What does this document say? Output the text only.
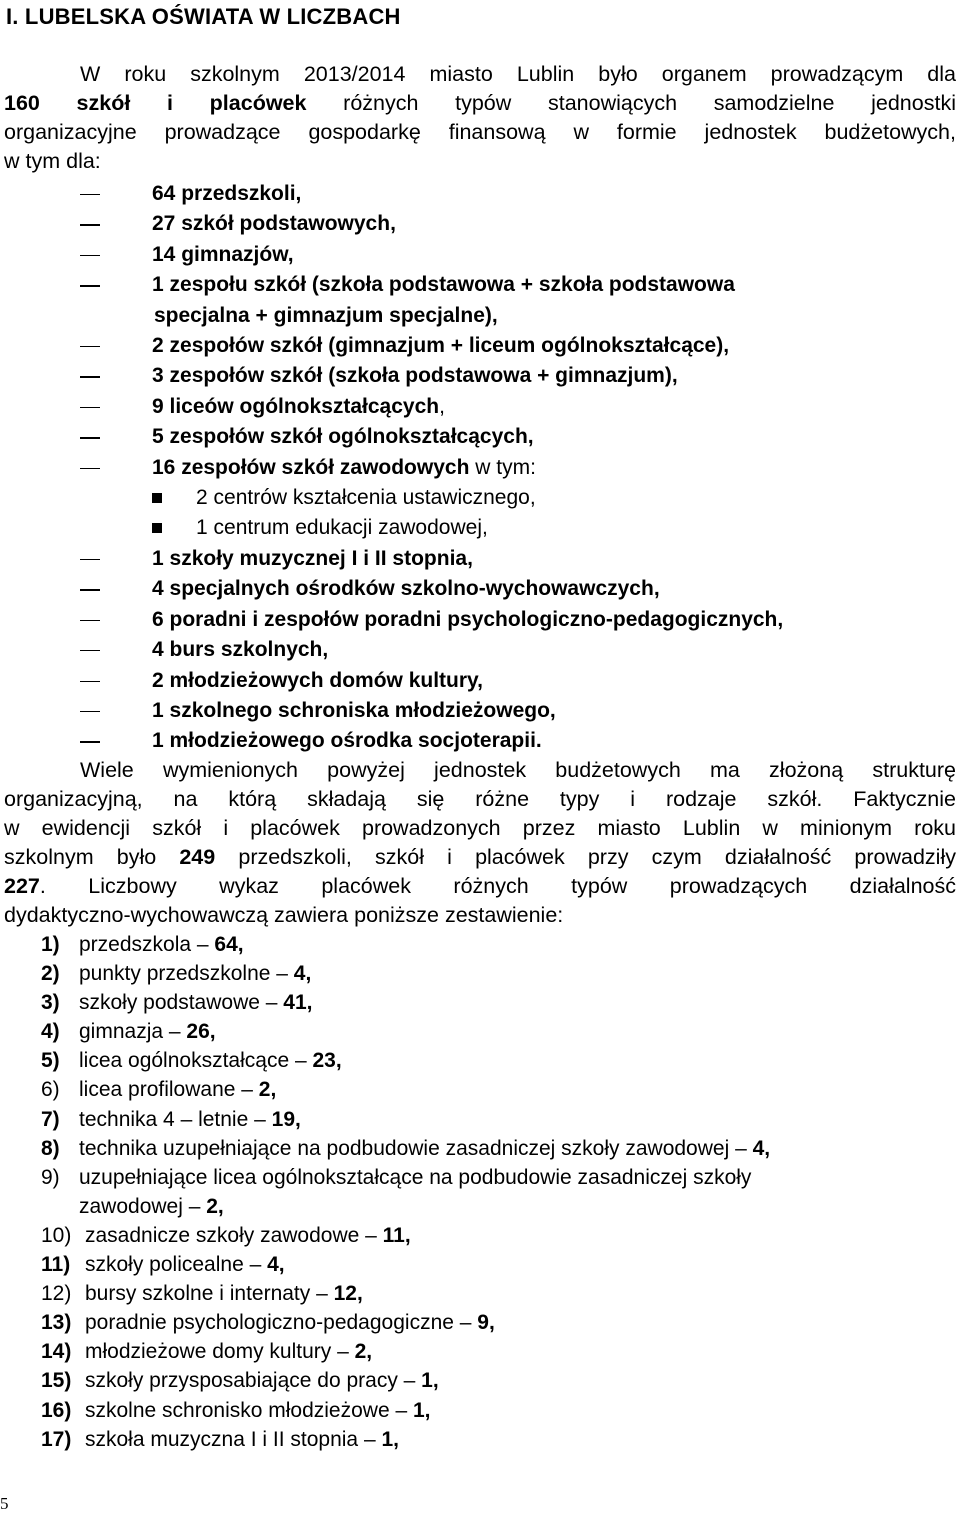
I. LUBELSKA OŚWIATA W LICZBACH
W roku szkolnym 2013/2014 miasto Lublin było organem prowadzącym dla
160 szkół i placówek różnych typów stanowiących samodzielne jednostki
organizacyjne prowadzące gospodarkę finansową w formie jednostek budżetowych,
w tym dla:
64 przedszkoli,
27 szkół podstawowych,
14 gimnazjów,
1 zespołu szkół (szkoła podstawowa + szkoła podstawowa
specjalna + gimnazjum specjalne),
2 zespołów szkół (gimnazjum + liceum ogólnokształcące),
3 zespołów szkół (szkoła podstawowa + gimnazjum),
9 liceów ogólnokształcących,
5 zespołów szkół ogólnokształcących,
16 zespołów szkół zawodowych w tym:
2 centrów kształcenia ustawicznego,
1 centrum edukacji zawodowej,
1 szkoły muzycznej I i II stopnia,
4 specjalnych ośrodków szkolno-wychowawczych,
6 poradni i zespołów poradni psychologiczno-pedagogicznych,
4 burs szkolnych,
2 młodzieżowych domów kultury,
1 szkolnego schroniska młodzieżowego,
1 młodzieżowego ośrodka socjoterapii.
Wiele wymienionych powyżej jednostek budżetowych ma złożoną strukturę
organizacyjną, na którą składają się różne typy i rodzaje szkół. Faktycznie
w ewidencji szkół i placówek prowadzonych przez miasto Lublin w minionym roku
szkolnym było 249 przedszkoli, szkół i placówek przy czym działalność prowadziły
227. Liczbowy wykaz placówek różnych typów prowadzących działalność
dydaktyczno-wychowawczą zawiera poniższe zestawienie:
1) przedszkola – 64,
2) punkty przedszkolne – 4,
3) szkoły podstawowe – 41,
4) gimnazja – 26,
5) licea ogólnokształcące – 23,
6) licea profilowane – 2,
7) technika 4 – letnie – 19,
8) technika uzupełniające na podbudowie zasadniczej szkoły zawodowej – 4,
9) uzupełniające licea ogólnokształcące na podbudowie zasadniczej szkoły
zawodowej – 2,
10) zasadnicze szkoły zawodowe – 11,
11) szkoły policealne – 4,
12) bursy szkolne i internaty – 12,
13) poradnie psychologiczno-pedagogiczne – 9,
14) młodzieżowe domy kultury – 2,
15) szkoły przysposabiające do pracy – 1,
16) szkolne schronisko młodzieżowe – 1,
17) szkoła muzyczna I i II stopnia – 1,
5
